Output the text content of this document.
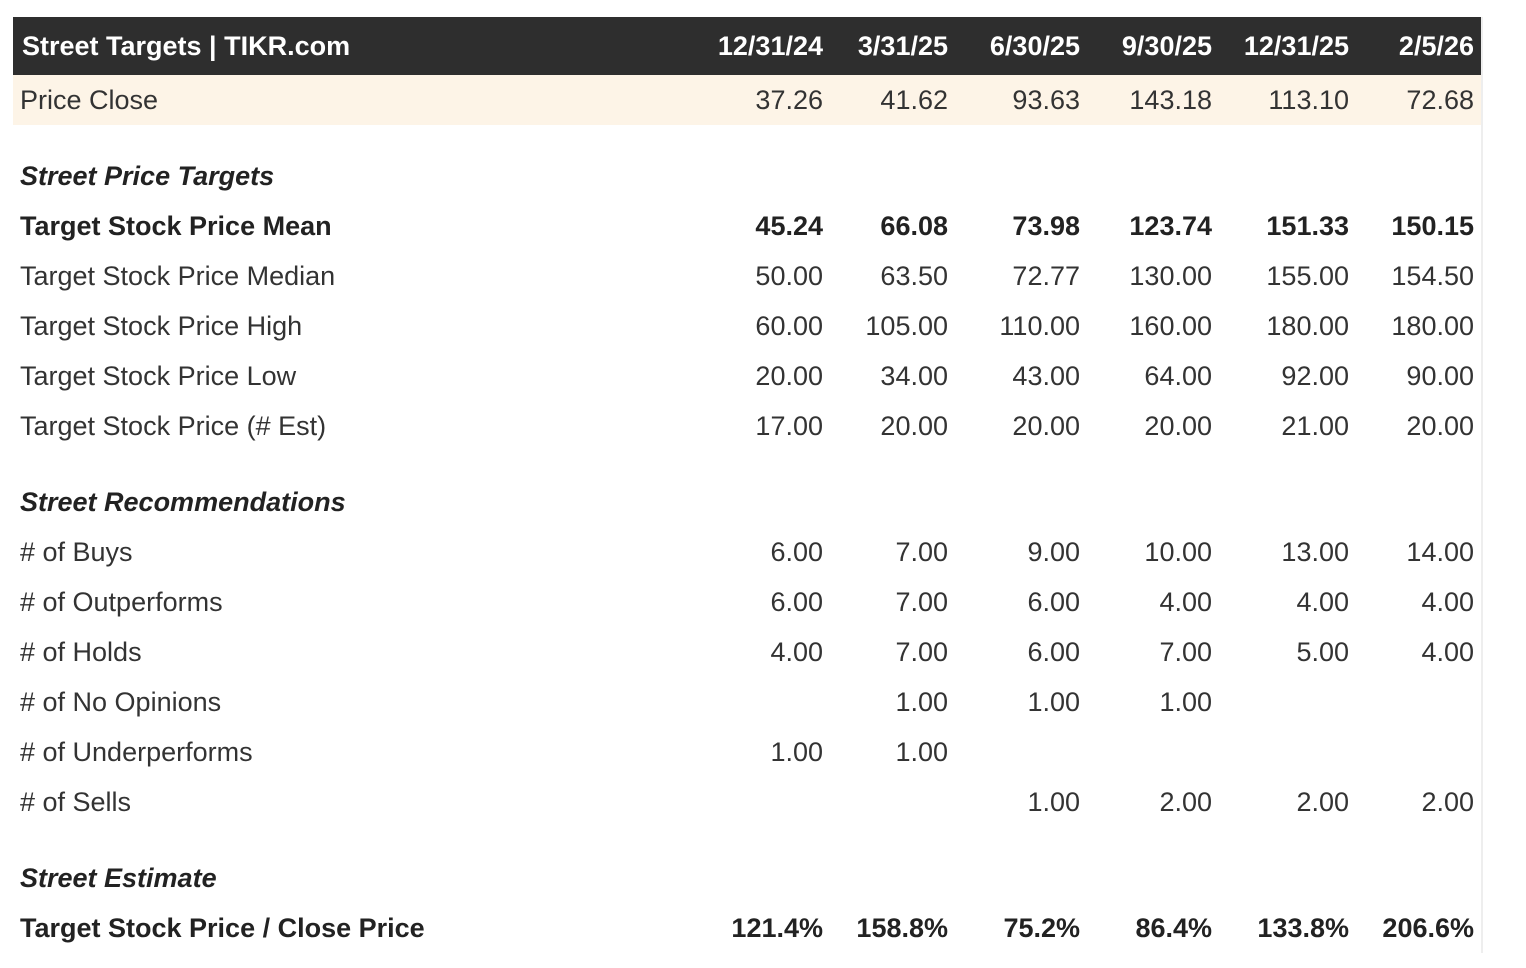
Street Targets | TIKR.com	12/31/24	3/31/25	6/30/25	9/30/25	12/31/25	2/5/26
Price Close	37.26	41.62	93.63	143.18	113.10	72.68

Street Price Targets						
Target Stock Price Mean	45.24	66.08	73.98	123.74	151.33	150.15
Target Stock Price Median	50.00	63.50	72.77	130.00	155.00	154.50
Target Stock Price High	60.00	105.00	110.00	160.00	180.00	180.00
Target Stock Price Low	20.00	34.00	43.00	64.00	92.00	90.00
Target Stock Price (# Est)	17.00	20.00	20.00	20.00	21.00	20.00

Street Recommendations						
# of Buys	6.00	7.00	9.00	10.00	13.00	14.00
# of Outperforms	6.00	7.00	6.00	4.00	4.00	4.00
# of Holds	4.00	7.00	6.00	7.00	5.00	4.00
# of No Opinions		1.00	1.00	1.00		
# of Underperforms	1.00	1.00				
# of Sells			1.00	2.00	2.00	2.00

Street Estimate						
Target Stock Price / Close Price	121.4%	158.8%	75.2%	86.4%	133.8%	206.6%
